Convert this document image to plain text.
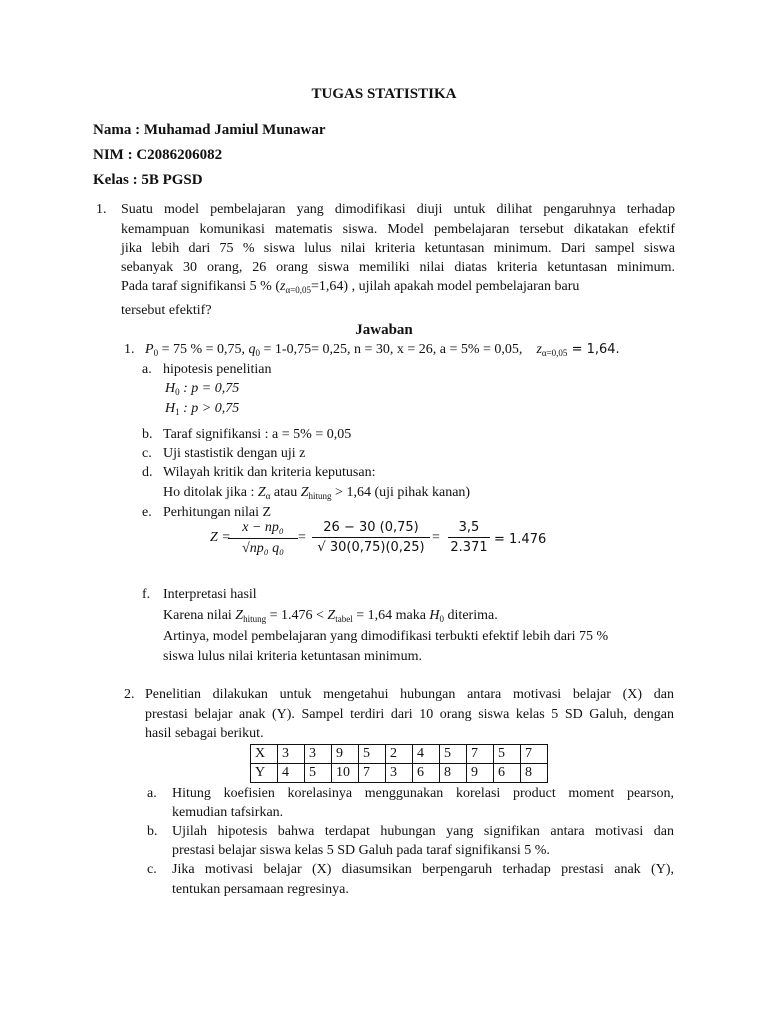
TUGAS STATISTIKA
Nama : Muhamad Jamiul Munawar
NIM : C2086206082
Kelas : 5B PGSD
1. Suatu model pembelajaran yang dimodifikasi diuji untuk dilihat pengaruhnya terhadap
kemampuan komunikasi matematis siswa. Model pembelajaran tersebut dikatakan efektif
jika lebih dari 75 % siswa lulus nilai kriteria ketuntasan minimum. Dari sampel siswa
sebanyak 30 orang, 26 orang siswa memiliki nilai diatas kriteria ketuntasan minimum.
Pada taraf signifikansi 5 % $(z_{\alpha=0,05}=1,64)$ , ujilah apakah model pembelajaran baru
tersebut efektif?
Jawaban
1. $P_0 = 75$ % = 0,75, $q_0 = 1-0,75= 0,25$, n = 30, x = 26, a = 5% = 0,05, $z_{\alpha=0,05} = 1,64$.
a. hipotesis penelitian
$H_0$ : p = 0,75
$H_1$ : p > 0,75
b. Taraf signifikansi : a = 5% = 0,05
c. Uji stastistik dengan uji z
d. Wilayah kritik dan kriteria keputusan:
Ho ditolak jika : $Z_\alpha$ atau $Z_{hitung} > 1,64$ (uji pihak kanan)
e. Perhitungan nilai Z
Z =
$\frac{\text{x − np₀}}{\text{√np₀ q₀}} = \frac{26 - 30 (0,75)}{√ 30(0,75)(0,25)} = \frac{3,5}{2.371} = 1.476$
f. Interpretasi hasil
Karena nilai $Z_{hitung} = 1.476 < Z_{tabel} = 1,64$ maka $H_0$ diterima.
Artinya, model pembelajaran yang dimodifikasi terbukti efektif lebih dari 75 %
siswa lulus nilai kriteria ketuntasan minimum.
2. Penelitian dilakukan untuk mengetahui hubungan antara motivasi belajar (X) dan
prestasi belajar anak (Y). Sampel terdiri dari 10 orang siswa kelas 5 SD Galuh, dengan
hasil sebagai berikut.
X	3	3	9	5	2	4	5	7	5	7
Y	4	5	10	7	3	6	8	9	6	8
a. Hitung koefisien korelasinya menggunakan korelasi product moment pearson,
kemudian tafsirkan.
b. Ujilah hipotesis bahwa terdapat hubungan yang signifikan antara motivasi dan
prestasi belajar siswa kelas 5 SD Galuh pada taraf signifikansi 5 %.
c. Jika motivasi belajar (X) diasumsikan berpengaruh terhadap prestasi anak (Y),
tentukan persamaan regresinya.
